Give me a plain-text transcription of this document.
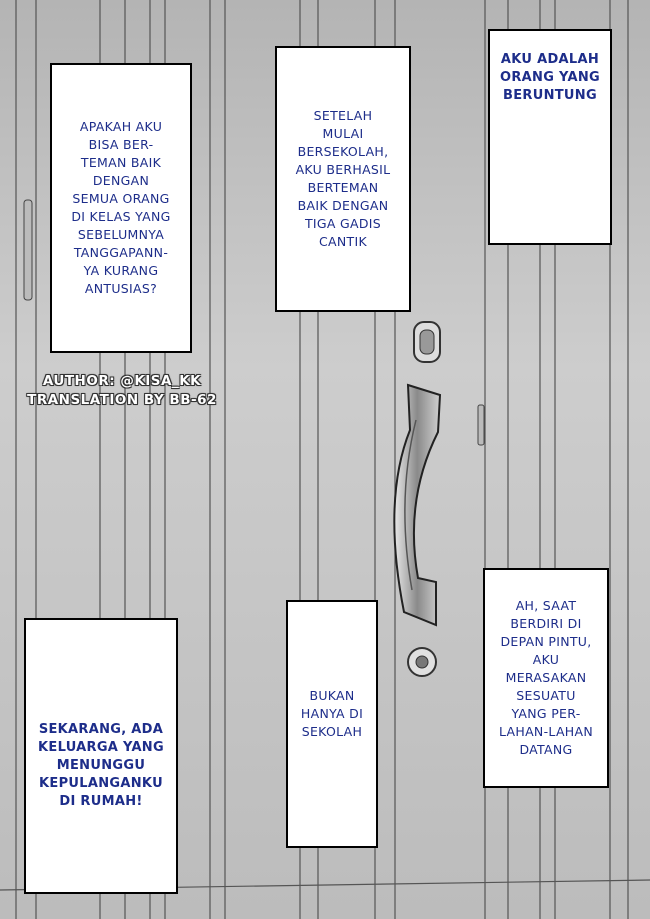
APAKAH AKU
BISA BER-
TEMAN BAIK
DENGAN
SEMUA ORANG
DI KELAS YANG
SEBELUMNYA
TANGGAPANN-
YA KURANG
ANTUSIAS?

SETELAH
MULAI
BERSEKOLAH,
AKU BERHASIL
BERTEMAN
BAIK DENGAN
TIGA GADIS
CANTIK

AKU ADALAH
ORANG YANG
BERUNTUNG

SEKARANG, ADA
KELUARGA YANG
MENUNGGU
KEPULANGANKU
DI RUMAH!

BUKAN
HANYA DI
SEKOLAH

AH, SAAT
BERDIRI DI
DEPAN PINTU,
AKU
MERASAKAN
SESUATU
YANG PER-
LAHAN-LAHAN
DATANG

AUTHOR: @KISA_KK
TRANSLATION BY BB-62
